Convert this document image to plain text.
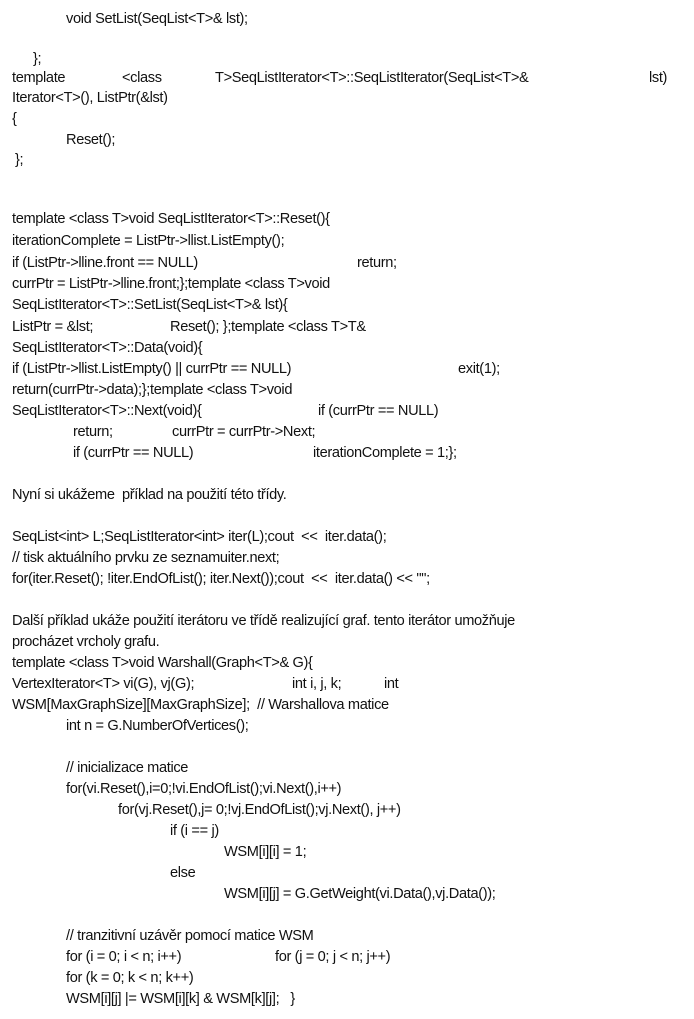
void SetList(SeqList<T>& lst);
};
template	<class	T>SeqListIterator<T>::SeqListIterator(SeqList<T>&	lst)
Iterator<T>(), ListPtr(&lst)
{
Reset();
};
template <class T>void SeqListIterator<T>::Reset(){
iterationComplete = ListPtr->llist.ListEmpty();
if (ListPtr->lline.front == NULL)	return;
currPtr = ListPtr->lline.front;};template <class T>void
SeqListIterator<T>::SetList(SeqList<T>& lst){
ListPtr = &lst;	Reset(); };template <class T>T&
SeqListIterator<T>::Data(void){
if (ListPtr->llist.ListEmpty() || currPtr == NULL)	exit(1);
return(currPtr->data);};template <class T>void
SeqListIterator<T>::Next(void){	if (currPtr == NULL)
return;	currPtr = currPtr->Next;
if (currPtr == NULL)	iterationComplete = 1;};
Nyní si ukážeme  příklad na použití této třídy.
SeqList<int> L;SeqListIterator<int> iter(L);cout  <<  iter.data();
// tisk aktuálního prvku ze seznamuiter.next;
for(iter.Reset(); !iter.EndOfList(); iter.Next());cout  <<  iter.data() << "";
Další příklad ukáže použití iterátoru ve třídě realizující graf. tento iterátor umožňuje
procházet vrcholy grafu.
template <class T>void Warshall(Graph<T>& G){
VertexIterator<T> vi(G), vj(G);	int i, j, k;	int
WSM[MaxGraphSize][MaxGraphSize];  // Warshallova matice
int n = G.NumberOfVertices();
// inicializace matice
for(vi.Reset(),i=0;!vi.EndOfList();vi.Next(),i++)
for(vj.Reset(),j= 0;!vj.EndOfList();vj.Next(), j++)
if (i == j)
WSM[i][i] = 1;
else
WSM[i][j] = G.GetWeight(vi.Data(),vj.Data());
// tranzitivní uzávěr pomocí matice WSM
for (i = 0; i < n; i++)	for (j = 0; j < n; j++)
for (k = 0; k < n; k++)
WSM[i][j] |= WSM[i][k] & WSM[k][j];   }
